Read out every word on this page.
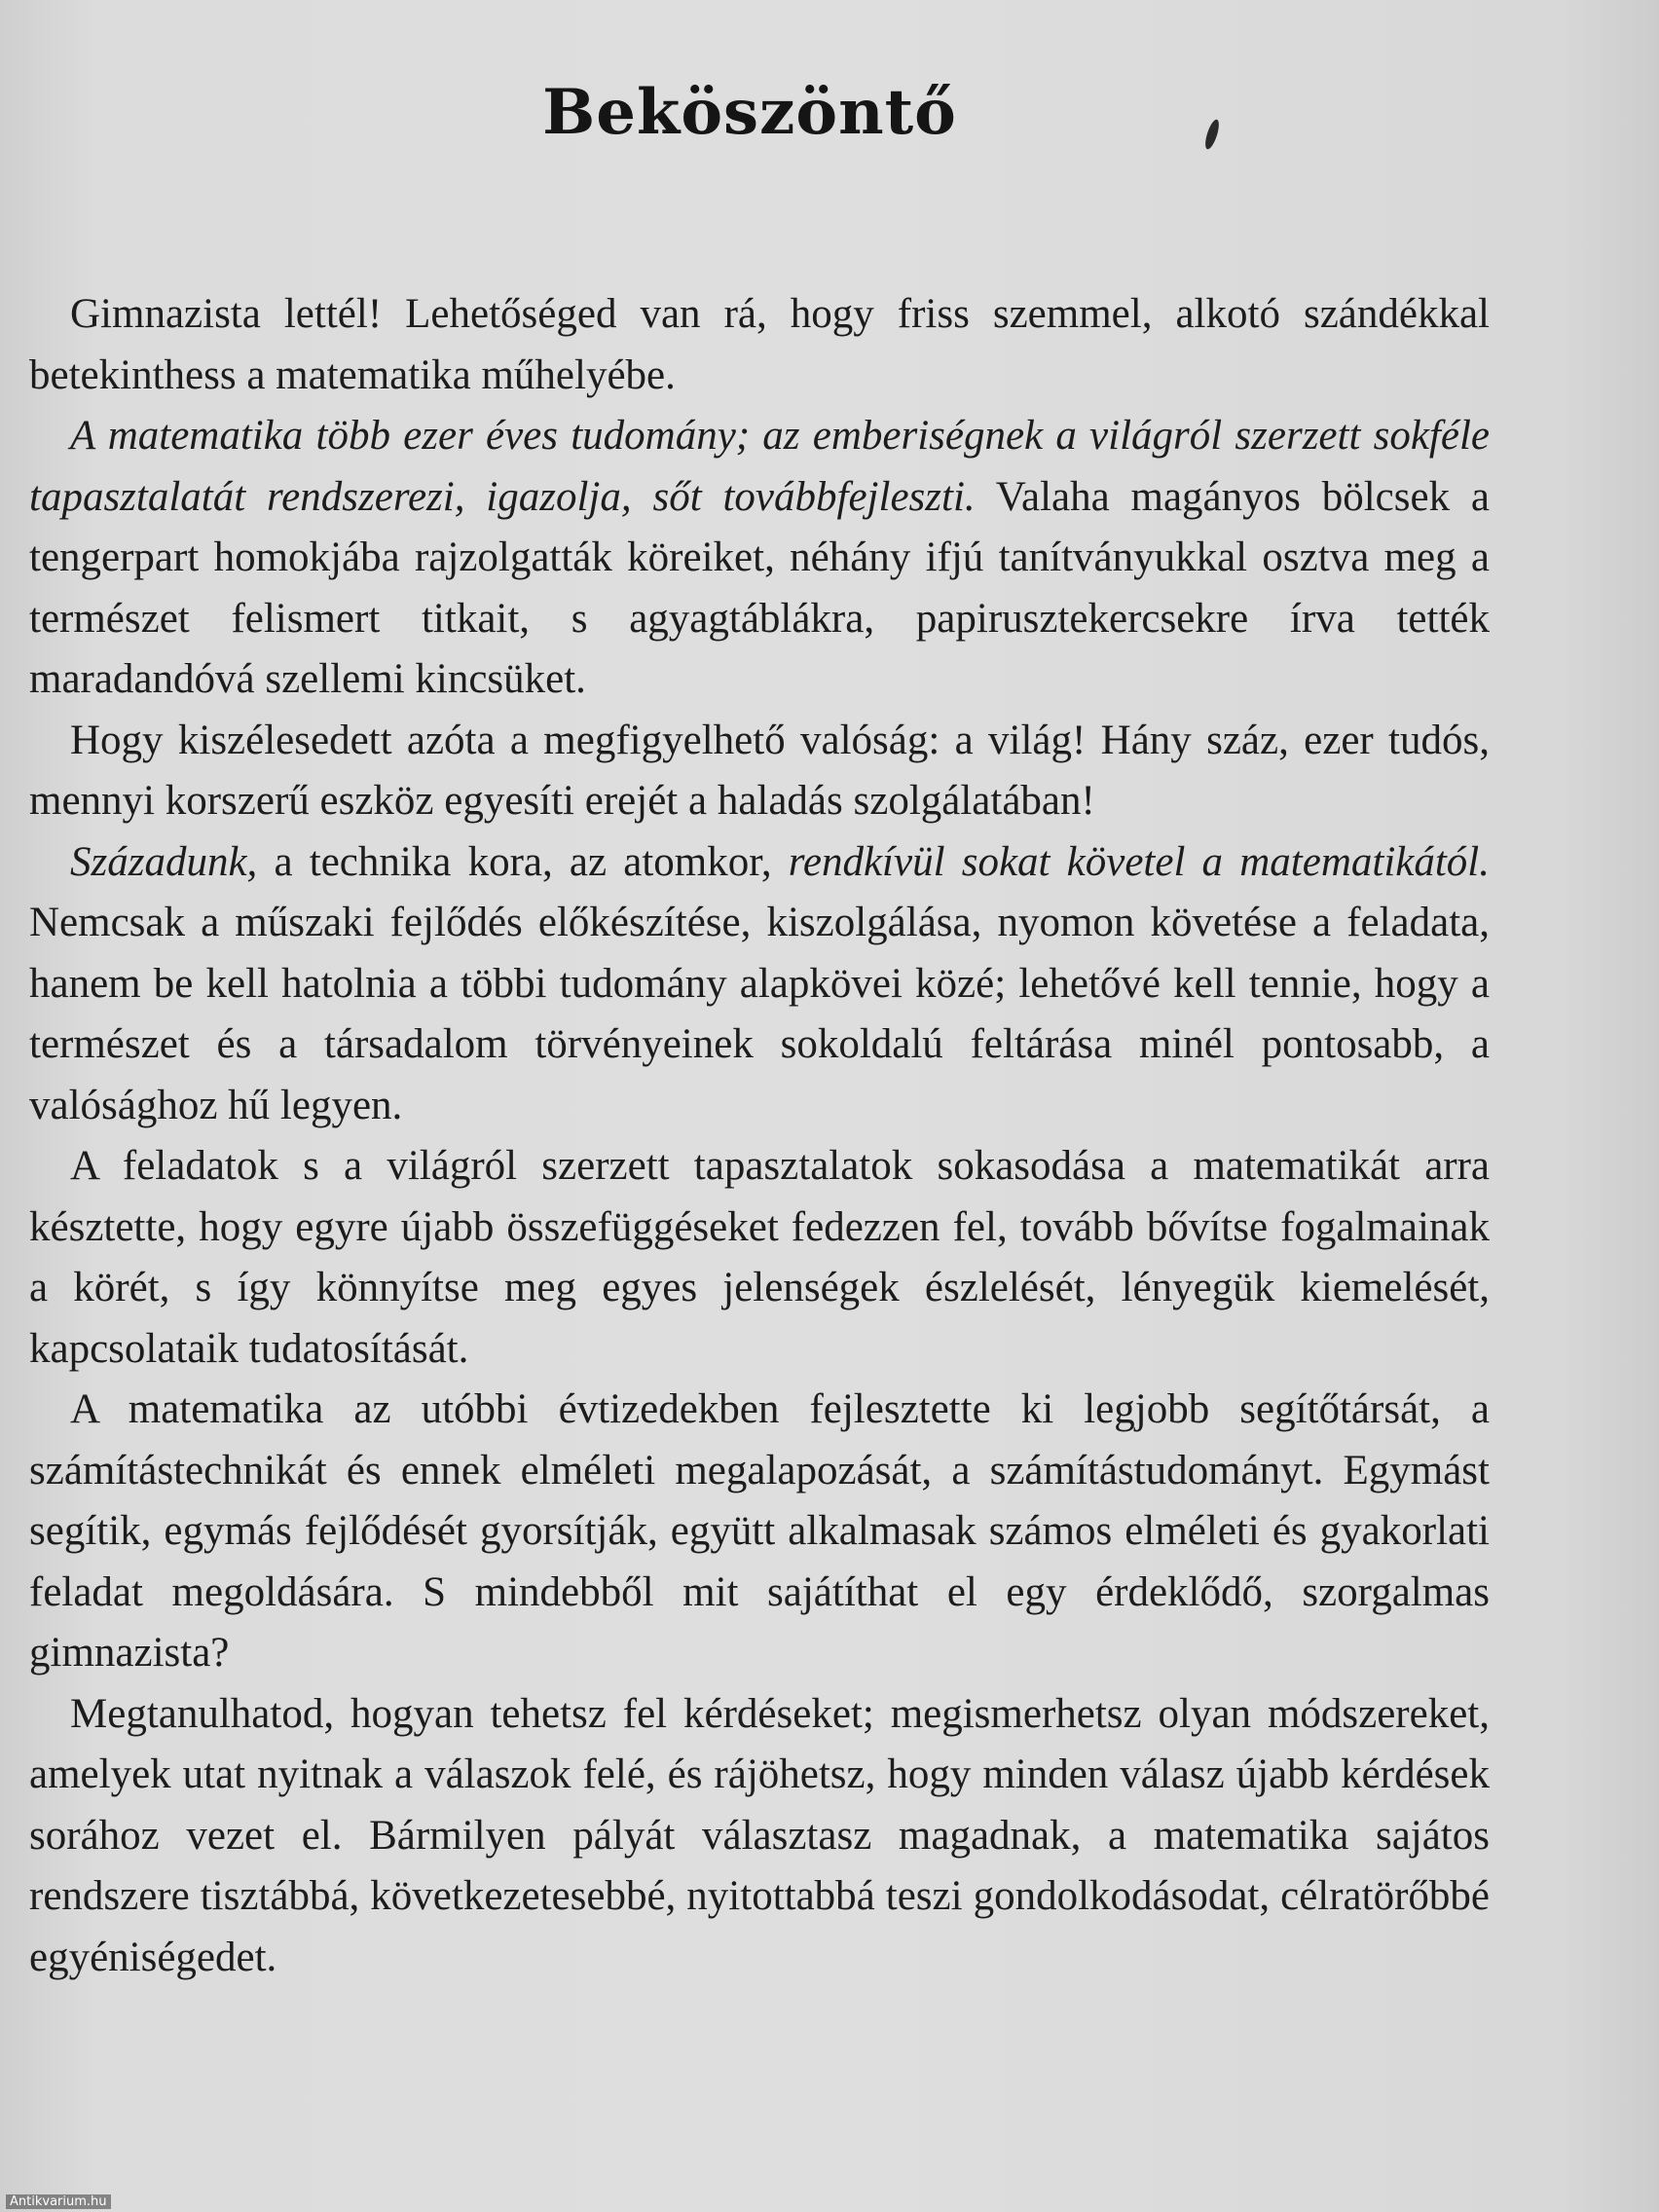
Beköszöntő

Gimnazista lettél! Lehetőséged van rá, hogy friss szemmel, alkotó szándékkal betekinthess a matematika műhelyébe.

A matematika több ezer éves tudomány; az emberiségnek a világról szerzett sokféle tapasztalatát rendszerezi, igazolja, sőt továbbfejleszti. Valaha magányos bölcsek a tengerpart homokjába rajzolgatták köreiket, néhány ifjú tanítványukkal osztva meg a természet felismert titkait, s agyagtáblákra, papirusztekercsekre írva tették maradandóvá szellemi kincsüket.

Hogy kiszélesedett azóta a megfigyelhető valóság: a világ! Hány száz, ezer tudós, mennyi korszerű eszköz egyesíti erejét a haladás szolgálatában!

Századunk, a technika kora, az atomkor, rendkívül sokat követel a matematikától. Nemcsak a műszaki fejlődés előkészítése, kiszolgálása, nyomon követése a feladata, hanem be kell hatolnia a többi tudomány alapkövei közé; lehetővé kell tennie, hogy a természet és a társadalom törvényeinek sokoldalú feltárása minél pontosabb, a valósághoz hű legyen.

A feladatok s a világról szerzett tapasztalatok sokasodása a matematikát arra késztette, hogy egyre újabb összefüggéseket fedezzen fel, tovább bővítse fogalmainak a körét, s így könnyítse meg egyes jelenségek észlelését, lényegük kiemelését, kapcsolataik tudatosítását.

A matematika az utóbbi évtizedekben fejlesztette ki legjobb segítőtársát, a számítástechnikát és ennek elméleti megalapozását, a számítástudományt. Egymást segítik, egymás fejlődését gyorsítják, együtt alkalmasak számos elméleti és gyakorlati feladat megoldására. S mindebből mit sajátíthat el egy érdeklődő, szorgalmas gimnazista?

Megtanulhatod, hogyan tehetsz fel kérdéseket; megismerhetsz olyan módszereket, amelyek utat nyitnak a válaszok felé, és rájöhetsz, hogy minden válasz újabb kérdések sorához vezet el. Bármilyen pályát választasz magadnak, a matematika sajátos rendszere tisztábbá, következetesebbé, nyitottabbá teszi gondolkodásodat, célratörőbbé egyéniségedet.

Antikvarium.hu
